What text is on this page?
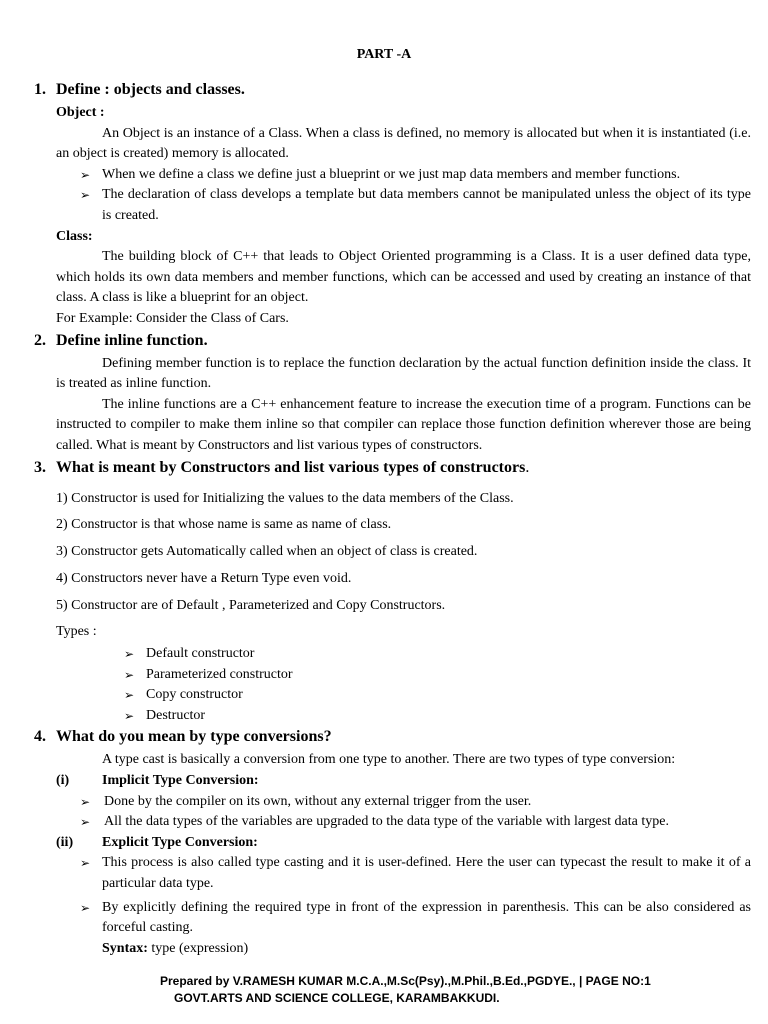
PART -A
1. Define : objects and classes.
Object :

An Object is an instance of a Class. When a class is defined, no memory is allocated but when it is instantiated (i.e. an object is created) memory is allocated.

➢ When we define a class we define just a blueprint or we just map data members and member functions.
➢ The declaration of class develops a template but data members cannot be manipulated unless the object of its type is created.
Class:

The building block of C++ that leads to Object Oriented programming is a Class. It is a user defined data type, which holds its own data members and member functions, which can be accessed and used by creating an instance of that class. A class is like a blueprint for an object.

For Example: Consider the Class of Cars.

2. Define inline function.

Defining member function is to replace the function declaration by the actual function definition inside the class. It is treated as inline function.

The inline functions are a C++ enhancement feature to increase the execution time of a program. Functions can be instructed to compiler to make them inline so that compiler can replace those function definition wherever those are being called. What is meant by Constructors and list various types of constructors.

3. What is meant by Constructors and list various types of constructors.

1) Constructor is used for Initializing the values to the data members of the Class.

2) Constructor is that whose name is same as name of class.

3) Constructor gets Automatically called when an object of class is created.

4) Constructors never have a Return Type even void.

5) Constructor are of Default , Parameterized and Copy Constructors.

Types :

➢ Default constructor
➢ Parameterized constructor
➢ Copy constructor
➢ Destructor
4. What do you mean by type conversions?

A type cast is basically a conversion from one type to another. There are two types of type conversion:

(i) Implicit Type Conversion:
➢ Done by the compiler on its own, without any external trigger from the user.
➢ All the data types of the variables are upgraded to the data type of the variable with largest data type.
(ii) Explicit Type Conversion:
➢ This process is also called type casting and it is user-defined. Here the user can typecast the result to make it of a particular data type.
➢ By explicitly defining the required type in front of the expression in parenthesis. This can be also considered as forceful casting.
Syntax: type (expression)
Prepared by V.RAMESH KUMAR M.C.A.,M.Sc(Psy).,M.Phil.,B.Ed.,PGDYE., | PAGE NO:1
GOVT.ARTS AND SCIENCE COLLEGE, KARAMBAKKUDI.
